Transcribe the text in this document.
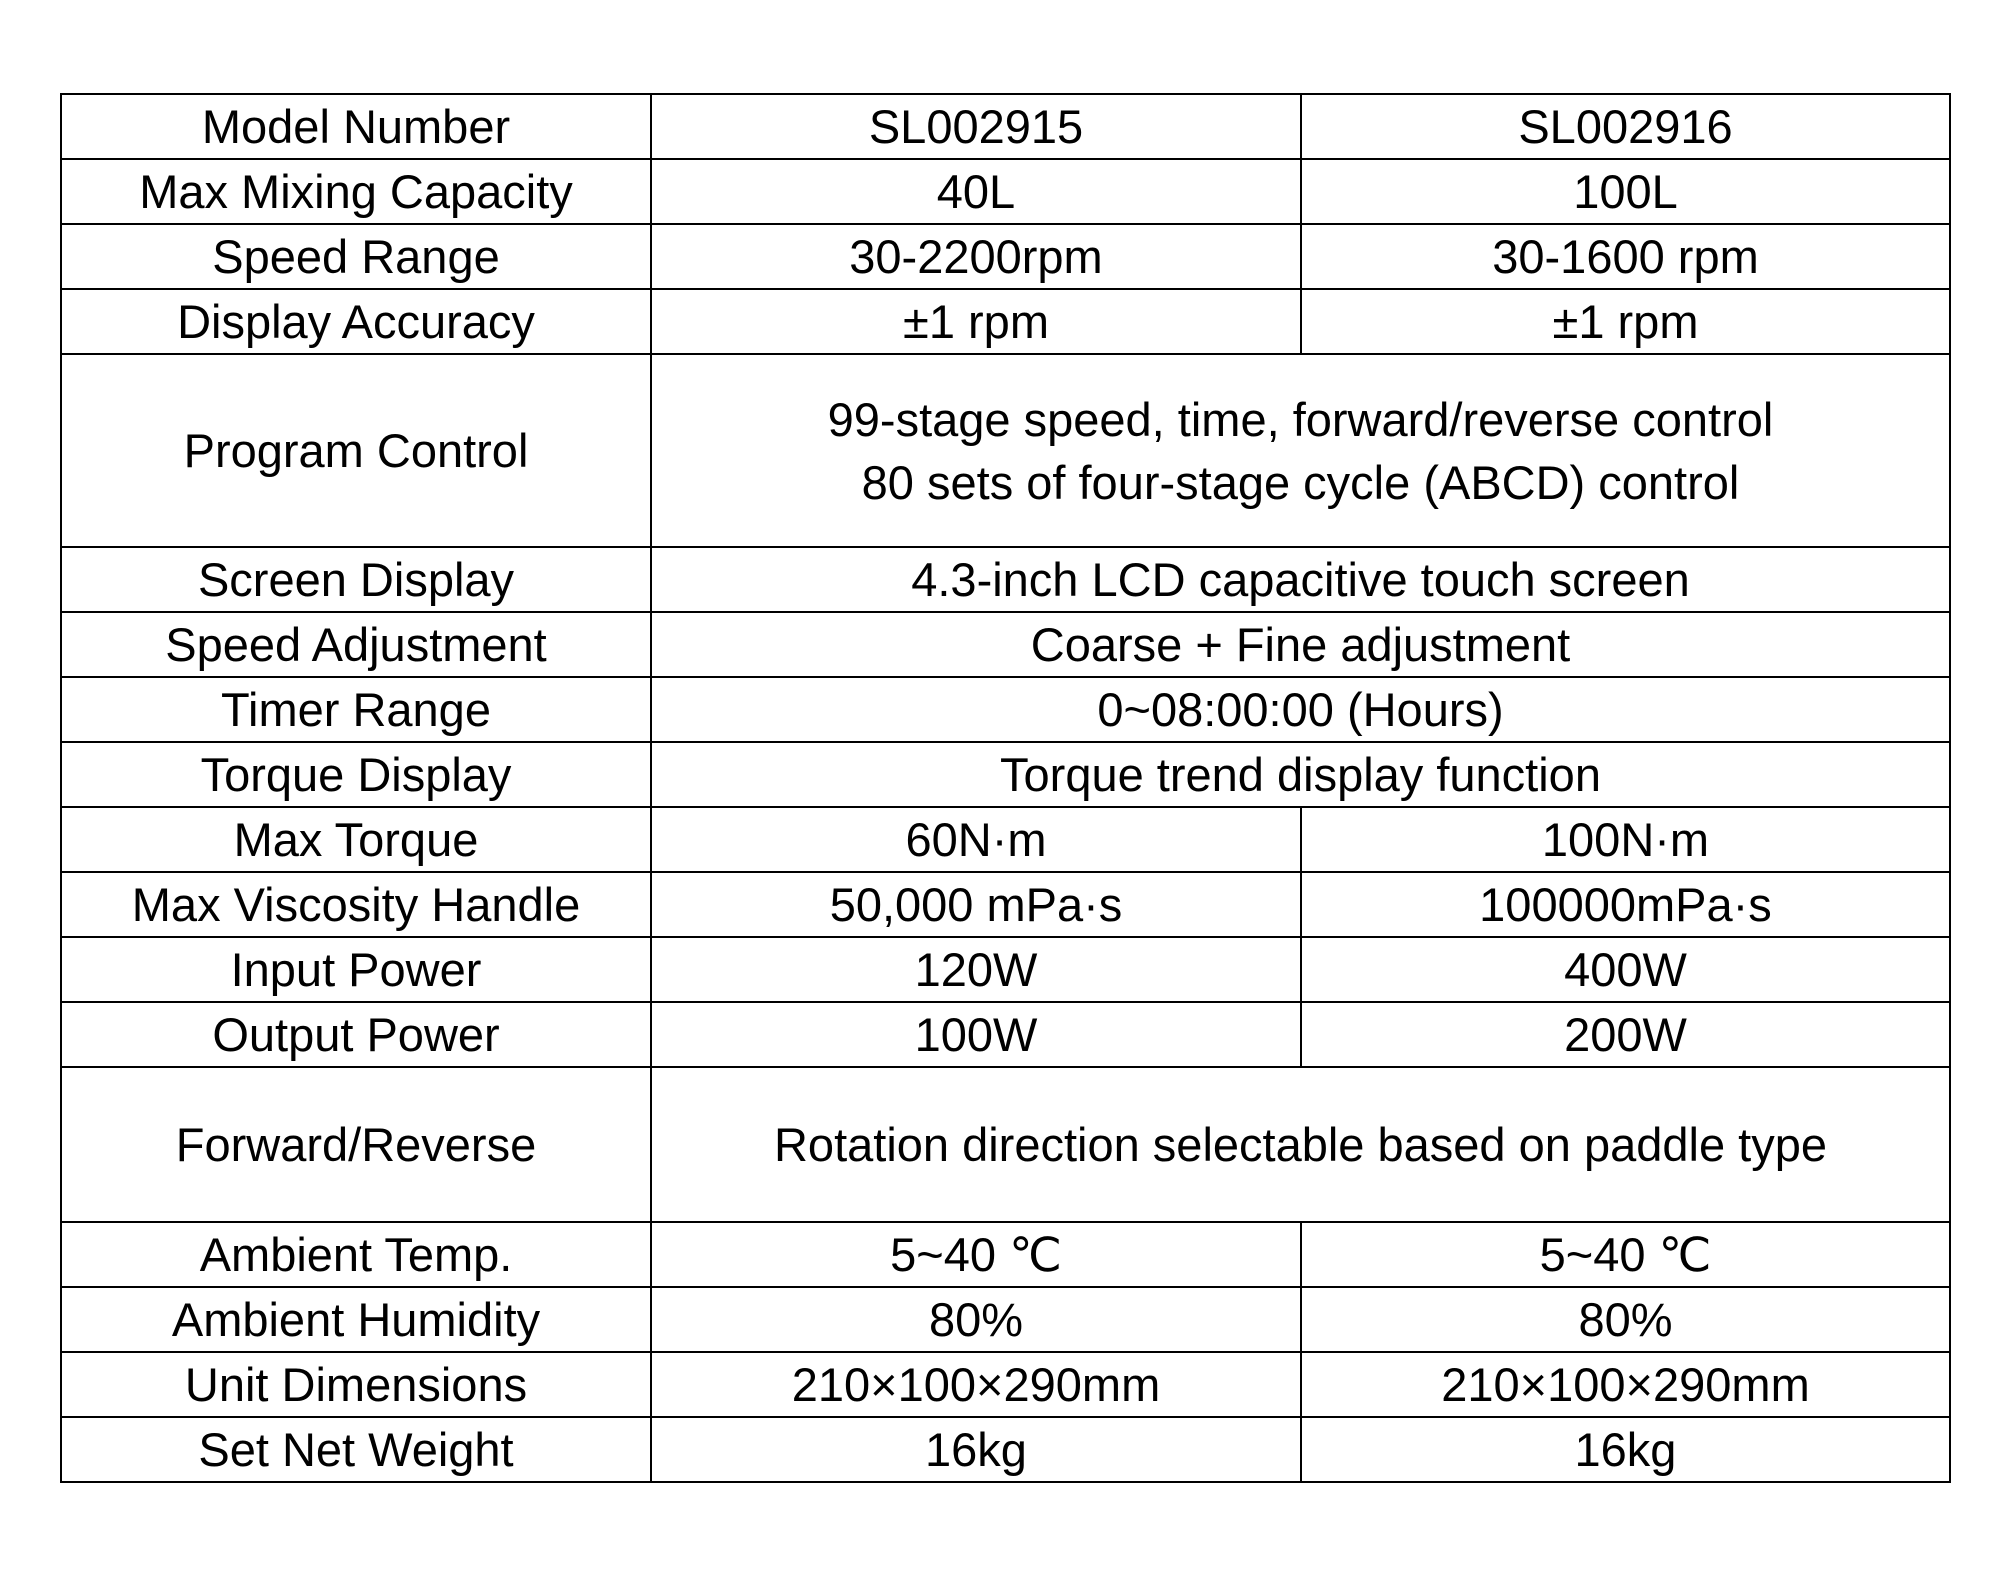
Model Number	SL002915	SL002916
Max Mixing Capacity	40L	100L
Speed Range	30-2200rpm	30-1600 rpm
Display Accuracy	±1 rpm	±1 rpm
Program Control	99-stage speed, time, forward/reverse control
80 sets of four-stage cycle (ABCD) control	

Screen Display	4.3-inch LCD capacitive touch screen	
Speed Adjustment	Coarse + Fine adjustment	
Timer Range	0~08:00:00 (Hours)	
Torque Display	Torque trend display function	
Max Torque	60N·m	100N·m
Max Viscosity Handle	50,000 mPa·s	100000mPa·s
Input Power	120W	400W
Output Power	100W	200W
Forward/Reverse	Rotation direction selectable based on paddle type	
Ambient Temp.	5~40 ℃	5~40 ℃
Ambient Humidity	80%	80%
Unit Dimensions	210×100×290mm	210×100×290mm
Set Net Weight	16kg	16kg
